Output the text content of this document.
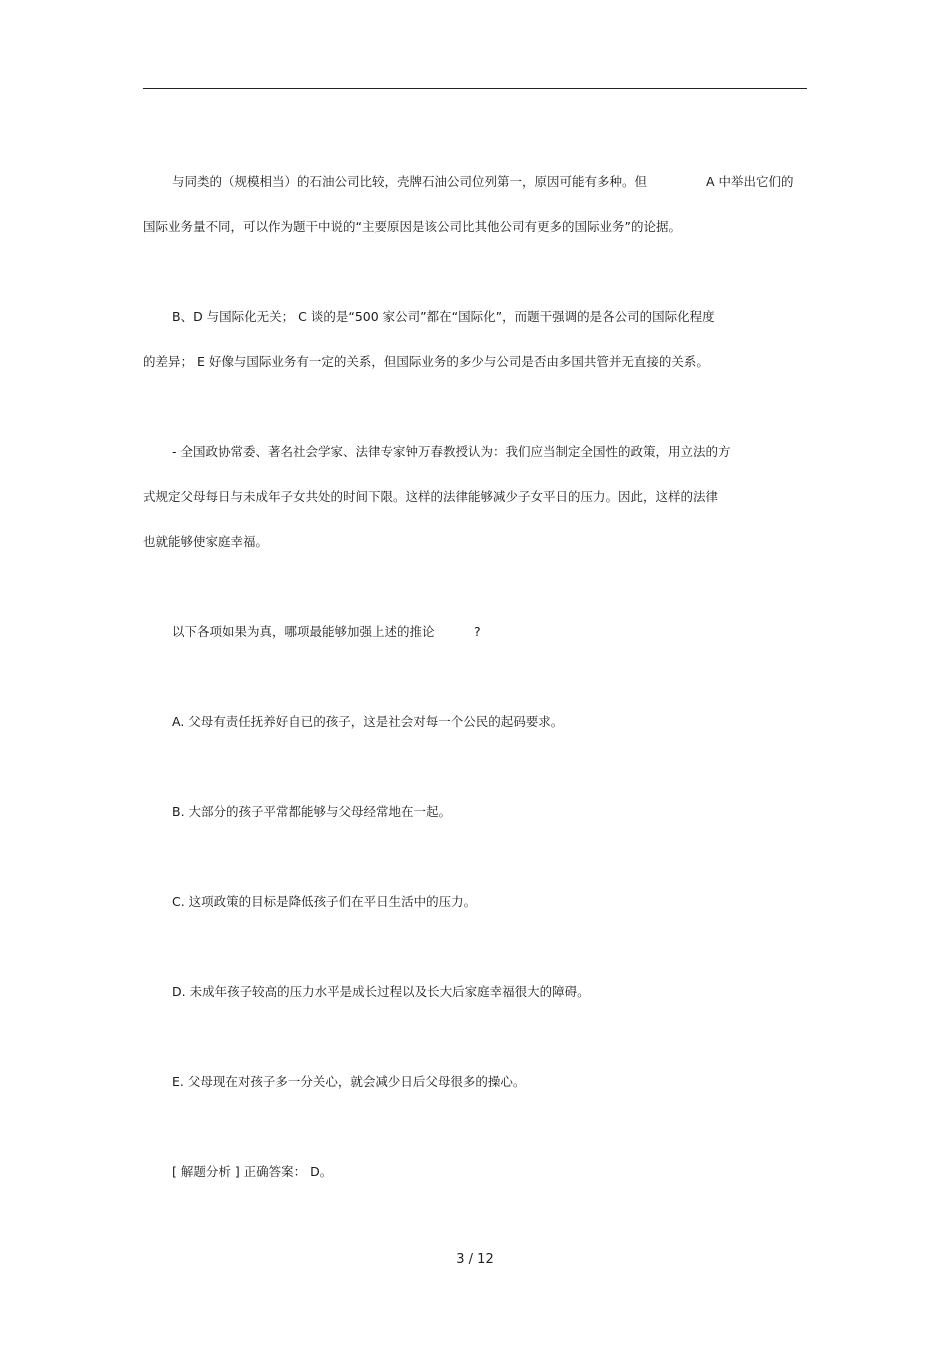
与同类的（规模相当）的石油公司比较，壳牌石油公司位列第一，原因可能有多种。但	A 中举出它们的
国际业务量不同，可以作为题干中说的“主要原因是该公司比其他公司有更多的国际业务”的论据。
B、D 与国际化无关； C 谈的是“500 家公司”都在“国际化”，而题干强调的是各公司的国际化程度
的差异； E 好像与国际业务有一定的关系，但国际业务的多少与公司是否由多国共管并无直接的关系。
- 全国政协常委、著名社会学家、法律专家钟万春教授认为：我们应当制定全国性的政策，用立法的方
式规定父母每日与未成年子女共处的时间下限。这样的法律能够减少子女平日的压力。因此，这样的法律
也就能够使家庭幸福。
以下各项如果为真，哪项最能够加强上述的推论	?
A. 父母有责任抚养好自已的孩子，这是社会对每一个公民的起码要求。
B. 大部分的孩子平常都能够与父母经常地在一起。
C. 这项政策的目标是降低孩子们在平日生活中的压力。
D. 未成年孩子较高的压力水平是成长过程以及长大后家庭幸福很大的障碍。
E. 父母现在对孩子多一分关心，就会减少日后父母很多的操心。
[ 解题分析 ] 正确答案： D。
3 / 12
